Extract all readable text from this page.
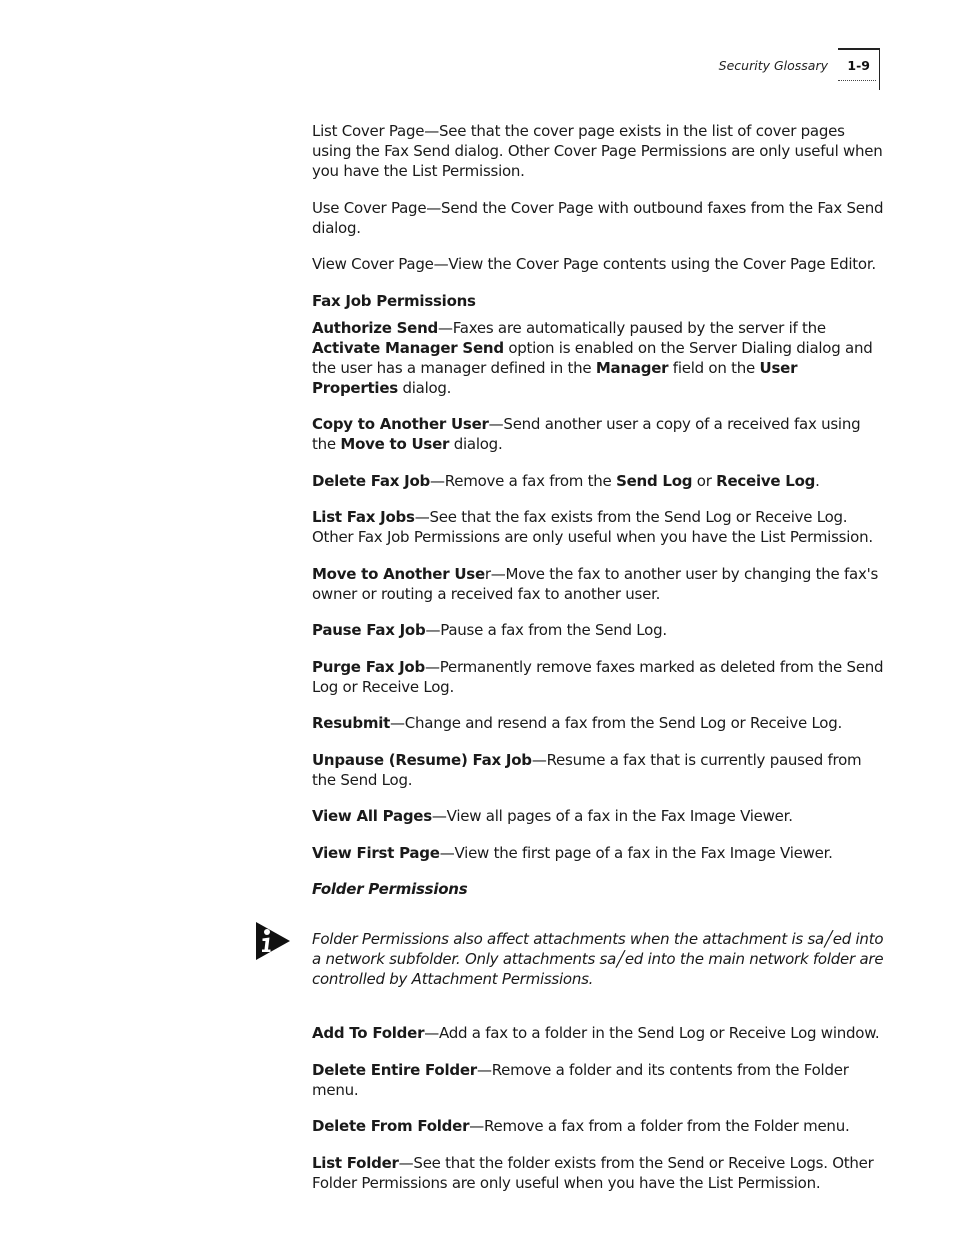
Security Glossary 1-9

List Cover Page—See that the cover page exists in the list of cover pages using the Fax Send dialog. Other Cover Page Permissions are only useful when you have the List Permission.

Use Cover Page—Send the Cover Page with outbound faxes from the Fax Send dialog.

View Cover Page—View the Cover Page contents using the Cover Page Editor.

Fax Job Permissions

Authorize Send—Faxes are automatically paused by the server if the Activate Manager Send option is enabled on the Server Dialing dialog and the user has a manager defined in the Manager field on the User Properties dialog.

Copy to Another User—Send another user a copy of a received fax using the Move to User dialog.

Delete Fax Job—Remove a fax from the Send Log or Receive Log.

List Fax Jobs—See that the fax exists from the Send Log or Receive Log. Other Fax Job Permissions are only useful when you have the List Permission.

Move to Another User—Move the fax to another user by changing the fax's owner or routing a received fax to another user.

Pause Fax Job—Pause a fax from the Send Log.

Purge Fax Job—Permanently remove faxes marked as deleted from the Send Log or Receive Log.

Resubmit—Change and resend a fax from the Send Log or Receive Log.

Unpause (Resume) Fax Job—Resume a fax that is currently paused from the Send Log.

View All Pages—View all pages of a fax in the Fax Image Viewer.

View First Page—View the first page of a fax in the Fax Image Viewer.

Folder Permissions

Folder Permissions also affect attachments when the attachment is sa╱ed into a network subfolder. Only attachments sa╱ed into the main network folder are controlled by Attachment Permissions.

Add To Folder—Add a fax to a folder in the Send Log or Receive Log window.

Delete Entire Folder—Remove a folder and its contents from the Folder menu.

Delete From Folder—Remove a fax from a folder from the Folder menu.

List Folder—See that the folder exists from the Send or Receive Logs. Other Folder Permissions are only useful when you have the List Permission.
